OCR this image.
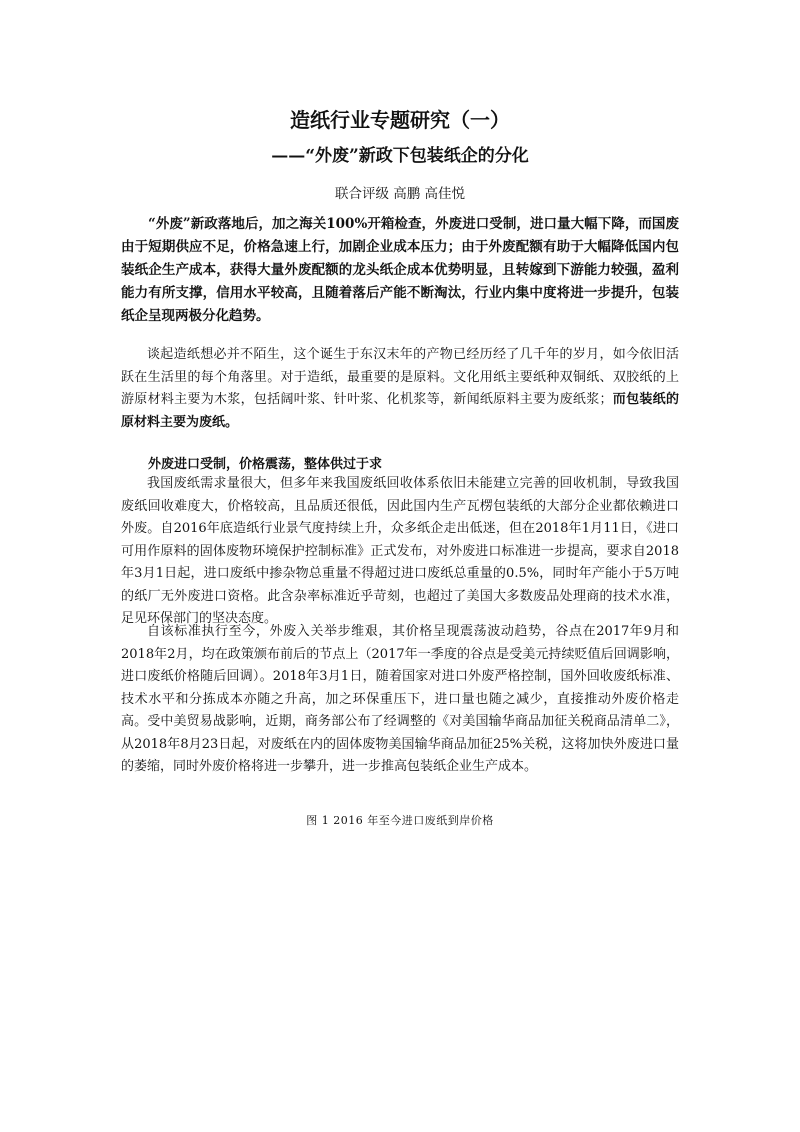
造纸行业专题研究（一）
——“外废”新政下包装纸企的分化
联合评级 高鹏 高佳悦

“外废”新政落地后，加之海关100%开箱检查，外废进口受制，进口量大幅下降，而国废由于短期供应不足，价格急速上行，加剧企业成本压力；由于外废配额有助于大幅降低国内包装纸企生产成本，获得大量外废配额的龙头纸企成本优势明显，且转嫁到下游能力较强，盈利能力有所支撑，信用水平较高，且随着落后产能不断淘汰，行业内集中度将进一步提升，包装纸企呈现两极分化趋势。

谈起造纸想必并不陌生，这个诞生于东汉末年的产物已经历经了几千年的岁月，如今依旧活跃在生活里的每个角落里。对于造纸，最重要的是原料。文化用纸主要纸种双铜纸、双胶纸的上游原材料主要为木浆，包括阔叶浆、针叶浆、化机浆等，新闻纸原料主要为废纸浆；而包装纸的原材料主要为废纸。

外废进口受制，价格震荡，整体供过于求

我国废纸需求量很大，但多年来我国废纸回收体系依旧未能建立完善的回收机制，导致我国废纸回收难度大，价格较高，且品质还很低，因此国内生产瓦楞包装纸的大部分企业都依赖进口外废。自2016年底造纸行业景气度持续上升，众多纸企走出低迷，但在2018年1月11日，《进口可用作原料的固体废物环境保护控制标准》正式发布，对外废进口标准进一步提高，要求自2018年3月1日起，进口废纸中掺杂物总重量不得超过进口废纸总重量的0.5%，同时年产能小于5万吨的纸厂无外废进口资格。此含杂率标准近乎苛刻，也超过了美国大多数废品处理商的技术水准，足见环保部门的坚决态度。

自该标准执行至今，外废入关举步维艰，其价格呈现震荡波动趋势，谷点在2017年9月和2018年2月，均在政策颁布前后的节点上（2017年一季度的谷点是受美元持续贬值后回调影响，进口废纸价格随后回调）。2018年3月1日，随着国家对进口外废严格控制，国外回收废纸标准、技术水平和分拣成本亦随之升高，加之环保重压下，进口量也随之减少，直接推动外废价格走高。受中美贸易战影响，近期，商务部公布了经调整的《对美国输华商品加征关税商品清单二》，从2018年8月23日起，对废纸在内的固体废物美国输华商品加征25%关税，这将加快外废进口量的萎缩，同时外废价格将进一步攀升，进一步推高包装纸企业生产成本。

图 1 2016 年至今进口废纸到岸价格
